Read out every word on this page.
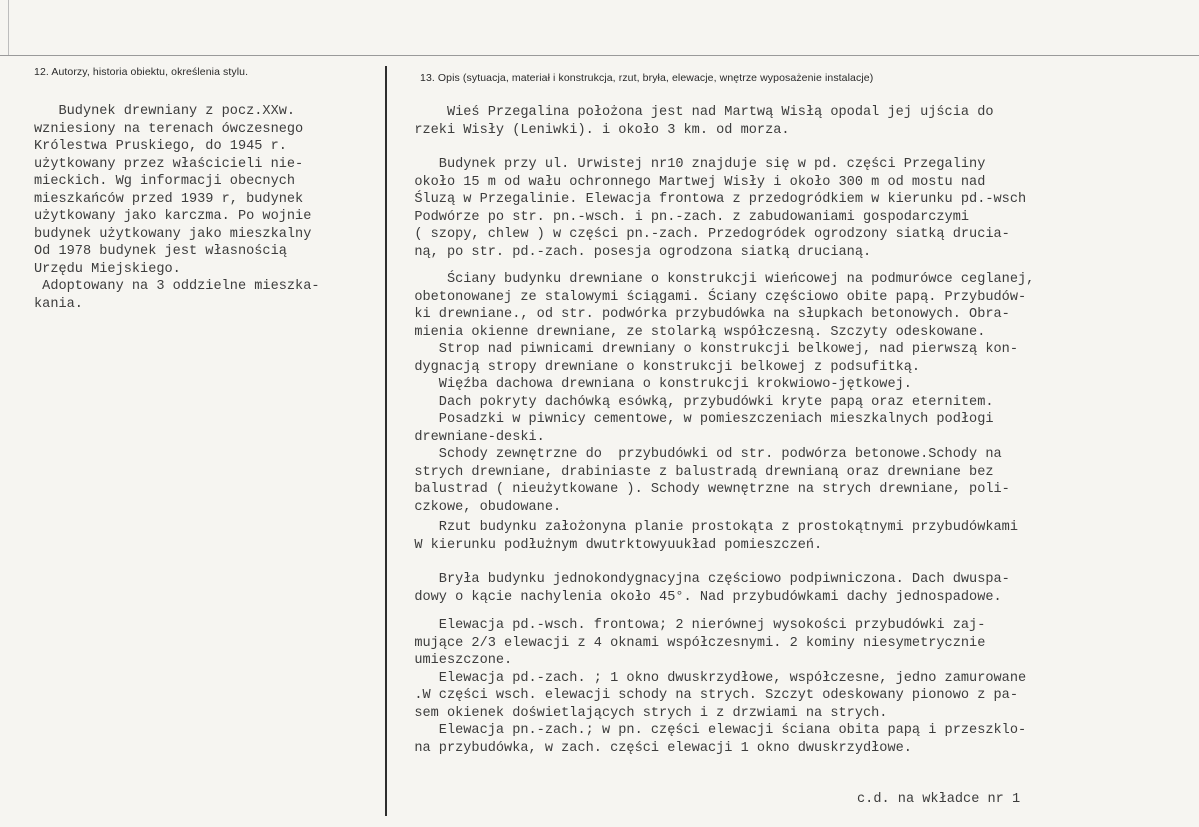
12. Autorzy, historia obiektu, określenia stylu.	13. Opis (sytuacja, materiał i konstrukcja, rzut, bryła, elewacje, wnętrze wyposażenie instalacje)
Budynek drewniany z pocz.XXw.
wzniesiony na terenach ówczesnego
Królestwa Pruskiego, do 1945 r.
użytkowany przez właścicieli nie-
mieckich. Wg informacji obecnych
mieszkańców przed 1939 r, budynek
użytkowany jako karczma. Po wojnie
budynek użytkowany jako mieszkalny
Od 1978 budynek jest własnością
Urzędu Miejskiego.
Adoptowany na 3 oddzielne mieszka-
kania.
Wieś Przegalina położona jest nad Martwą Wisłą opodal jej ujścia do
rzeki Wisły (Leniwki). i około 3 km. od morza.
Budynek przy ul. Urwistej nr10 znajduje się w pd. części Przegaliny
około 15 m od wału ochronnego Martwej Wisły i około 300 m od mostu nad
Śluzą w Przegalinie. Elewacja frontowa z przedogródkiem w kierunku pd.-wsch
Podwórze po str. pn.-wsch. i pn.-zach. z zabudowaniami gospodarczymi
( szopy, chlew ) w części pn.-zach. Przedogródek ogrodzony siatką drucia-
ną, po str. pd.-zach. posesja ogrodzona siatką drucianą.
Ściany budynku drewniane o konstrukcji wieńcowej na podmurówce ceglanej,
obetonowanej ze stalowymi ściągami. Ściany częściowo obite papą. Przybudów-
ki drewniane., od str. podwórka przybudówka na słupkach betonowych. Obra-
mienia okienne drewniane, ze stolarką współczesną. Szczyty odeskowane.
Strop nad piwnicami drewniany o konstrukcji belkowej, nad pierwszą kon-
dygnacją stropy drewniane o konstrukcji belkowej z podsufitką.
Więźba dachowa drewniana o konstrukcji krokwiowo-jętkowej.
Dach pokryty dachówką esówką, przybudówki kryte papą oraz eternitem.
Posadzki w piwnicy cementowe, w pomieszczeniach mieszkalnych podłogi
drewniane-deski.
Schody zewnętrzne do  przybudówki od str. podwórza betonowe.Schody na
strych drewniane, drabiniaste z balustradą drewnianą oraz drewniane bez
balustrad ( nieużytkowane ). Schody wewnętrzne na strych drewniane, poli-
czkowe, obudowane.
Rzut budynku założonyna planie prostokąta z prostokątnymi przybudówkami
W kierunku podłużnym dwutrktowyuukład pomieszczeń.
Bryła budynku jednokondygnacyjna częściowo podpiwniczona. Dach dwuspa-
dowy o kącie nachylenia około 45°. Nad przybudówkami dachy jednospadowe.
Elewacja pd.-wsch. frontowa; 2 nierównej wysokości przybudówki zaj-
mujące 2/3 elewacji z 4 oknami współczesnymi. 2 kominy niesymetrycznie
umieszczone.
Elewacja pd.-zach. ; 1 okno dwuskrzydłowe, współczesne, jedno zamurowane
.W części wsch. elewacji schody na strych. Szczyt odeskowany pionowo z pa-
sem okienek doświetlających strych i z drzwiami na strych.
Elewacja pn.-zach.; w pn. części elewacji ściana obita papą i przeszklo-
na przybudówka, w zach. części elewacji 1 okno dwuskrzydłowe.
c.d. na wkładce nr 1
